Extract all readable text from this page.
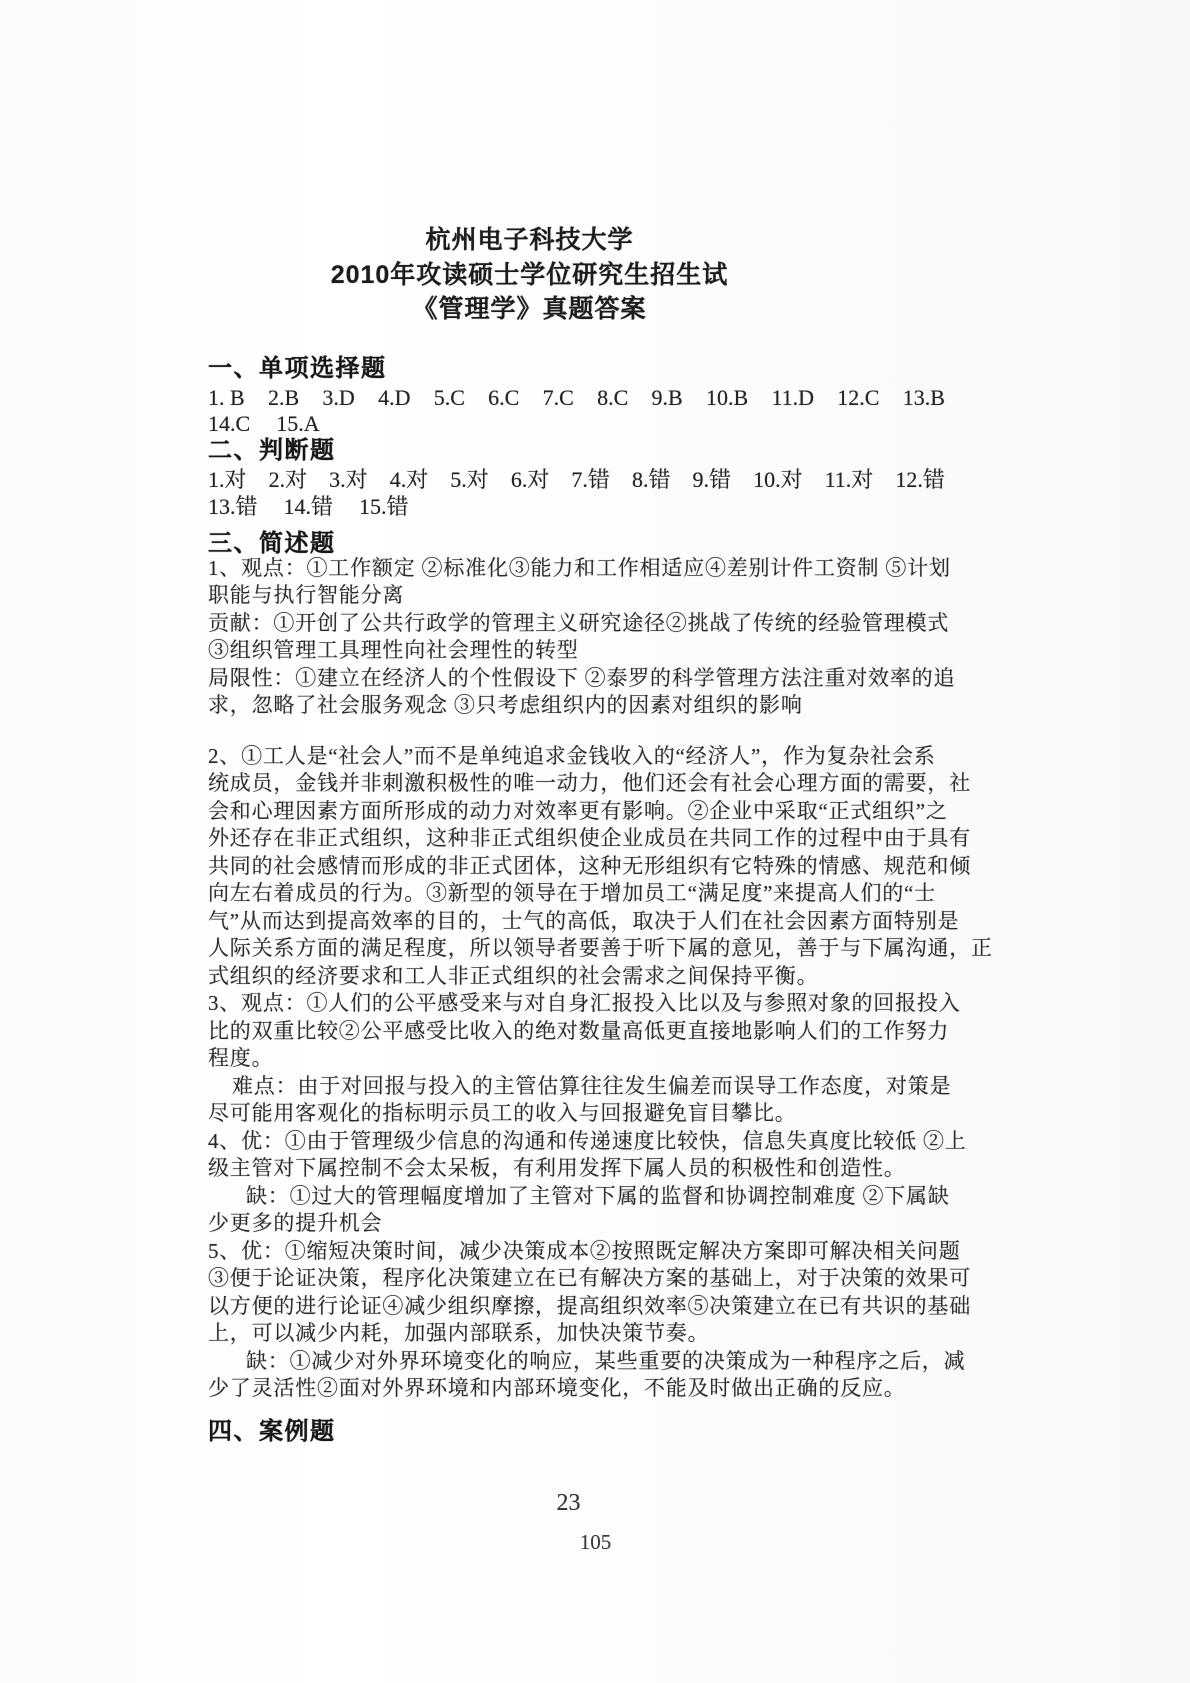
杭州电子科技大学
2010年攻读硕士学位研究生招生试
《管理学》真题答案
一、单项选择题
1. B 2.B 3.D 4.D 5.C 6.C 7.C 8.C 9.B 10.B 11.D 12.C 13.B
14.C 15.A
二、判断题
1.对 2.对 3.对 4.对 5.对 6.对 7.错 8.错 9.错 10.对 11.对 12.错
13.错 14.错 15.错
三、简述题
1、观点：①工作额定 ②标准化③能力和工作相适应④差别计件工资制 ⑤计划
职能与执行智能分离
贡献：①开创了公共行政学的管理主义研究途径②挑战了传统的经验管理模式
③组织管理工具理性向社会理性的转型
局限性：①建立在经济人的个性假设下 ②泰罗的科学管理方法注重对效率的追
求，忽略了社会服务观念 ③只考虑组织内的因素对组织的影响
2、①工人是“社会人”而不是单纯追求金钱收入的“经济人”，作为复杂社会系
统成员，金钱并非刺激积极性的唯一动力，他们还会有社会心理方面的需要，社
会和心理因素方面所形成的动力对效率更有影响。②企业中采取“正式组织”之
外还存在非正式组织，这种非正式组织使企业成员在共同工作的过程中由于具有
共同的社会感情而形成的非正式团体，这种无形组织有它特殊的情感、规范和倾
向左右着成员的行为。③新型的领导在于增加员工“满足度”来提高人们的“士
气”从而达到提高效率的目的，士气的高低，取决于人们在社会因素方面特别是
人际关系方面的满足程度，所以领导者要善于听下属的意见，善于与下属沟通，正
式组织的经济要求和工人非正式组织的社会需求之间保持平衡。
3、观点：①人们的公平感受来与对自身汇报投入比以及与参照对象的回报投入
比的双重比较②公平感受比收入的绝对数量高低更直接地影响人们的工作努力
程度。
难点：由于对回报与投入的主管估算往往发生偏差而误导工作态度，对策是
尽可能用客观化的指标明示员工的收入与回报避免盲目攀比。
4、优：①由于管理级少信息的沟通和传递速度比较快，信息失真度比较低 ②上
级主管对下属控制不会太呆板，有利用发挥下属人员的积极性和创造性。
缺：①过大的管理幅度增加了主管对下属的监督和协调控制难度 ②下属缺
少更多的提升机会
5、优：①缩短决策时间，减少决策成本②按照既定解决方案即可解决相关问题
③便于论证决策，程序化决策建立在已有解决方案的基础上，对于决策的效果可
以方便的进行论证④减少组织摩擦，提高组织效率⑤决策建立在已有共识的基础
上，可以减少内耗，加强内部联系，加快决策节奏。
缺：①减少对外界环境变化的响应，某些重要的决策成为一种程序之后，减
少了灵活性②面对外界环境和内部环境变化，不能及时做出正确的反应。
四、案例题
23
105
